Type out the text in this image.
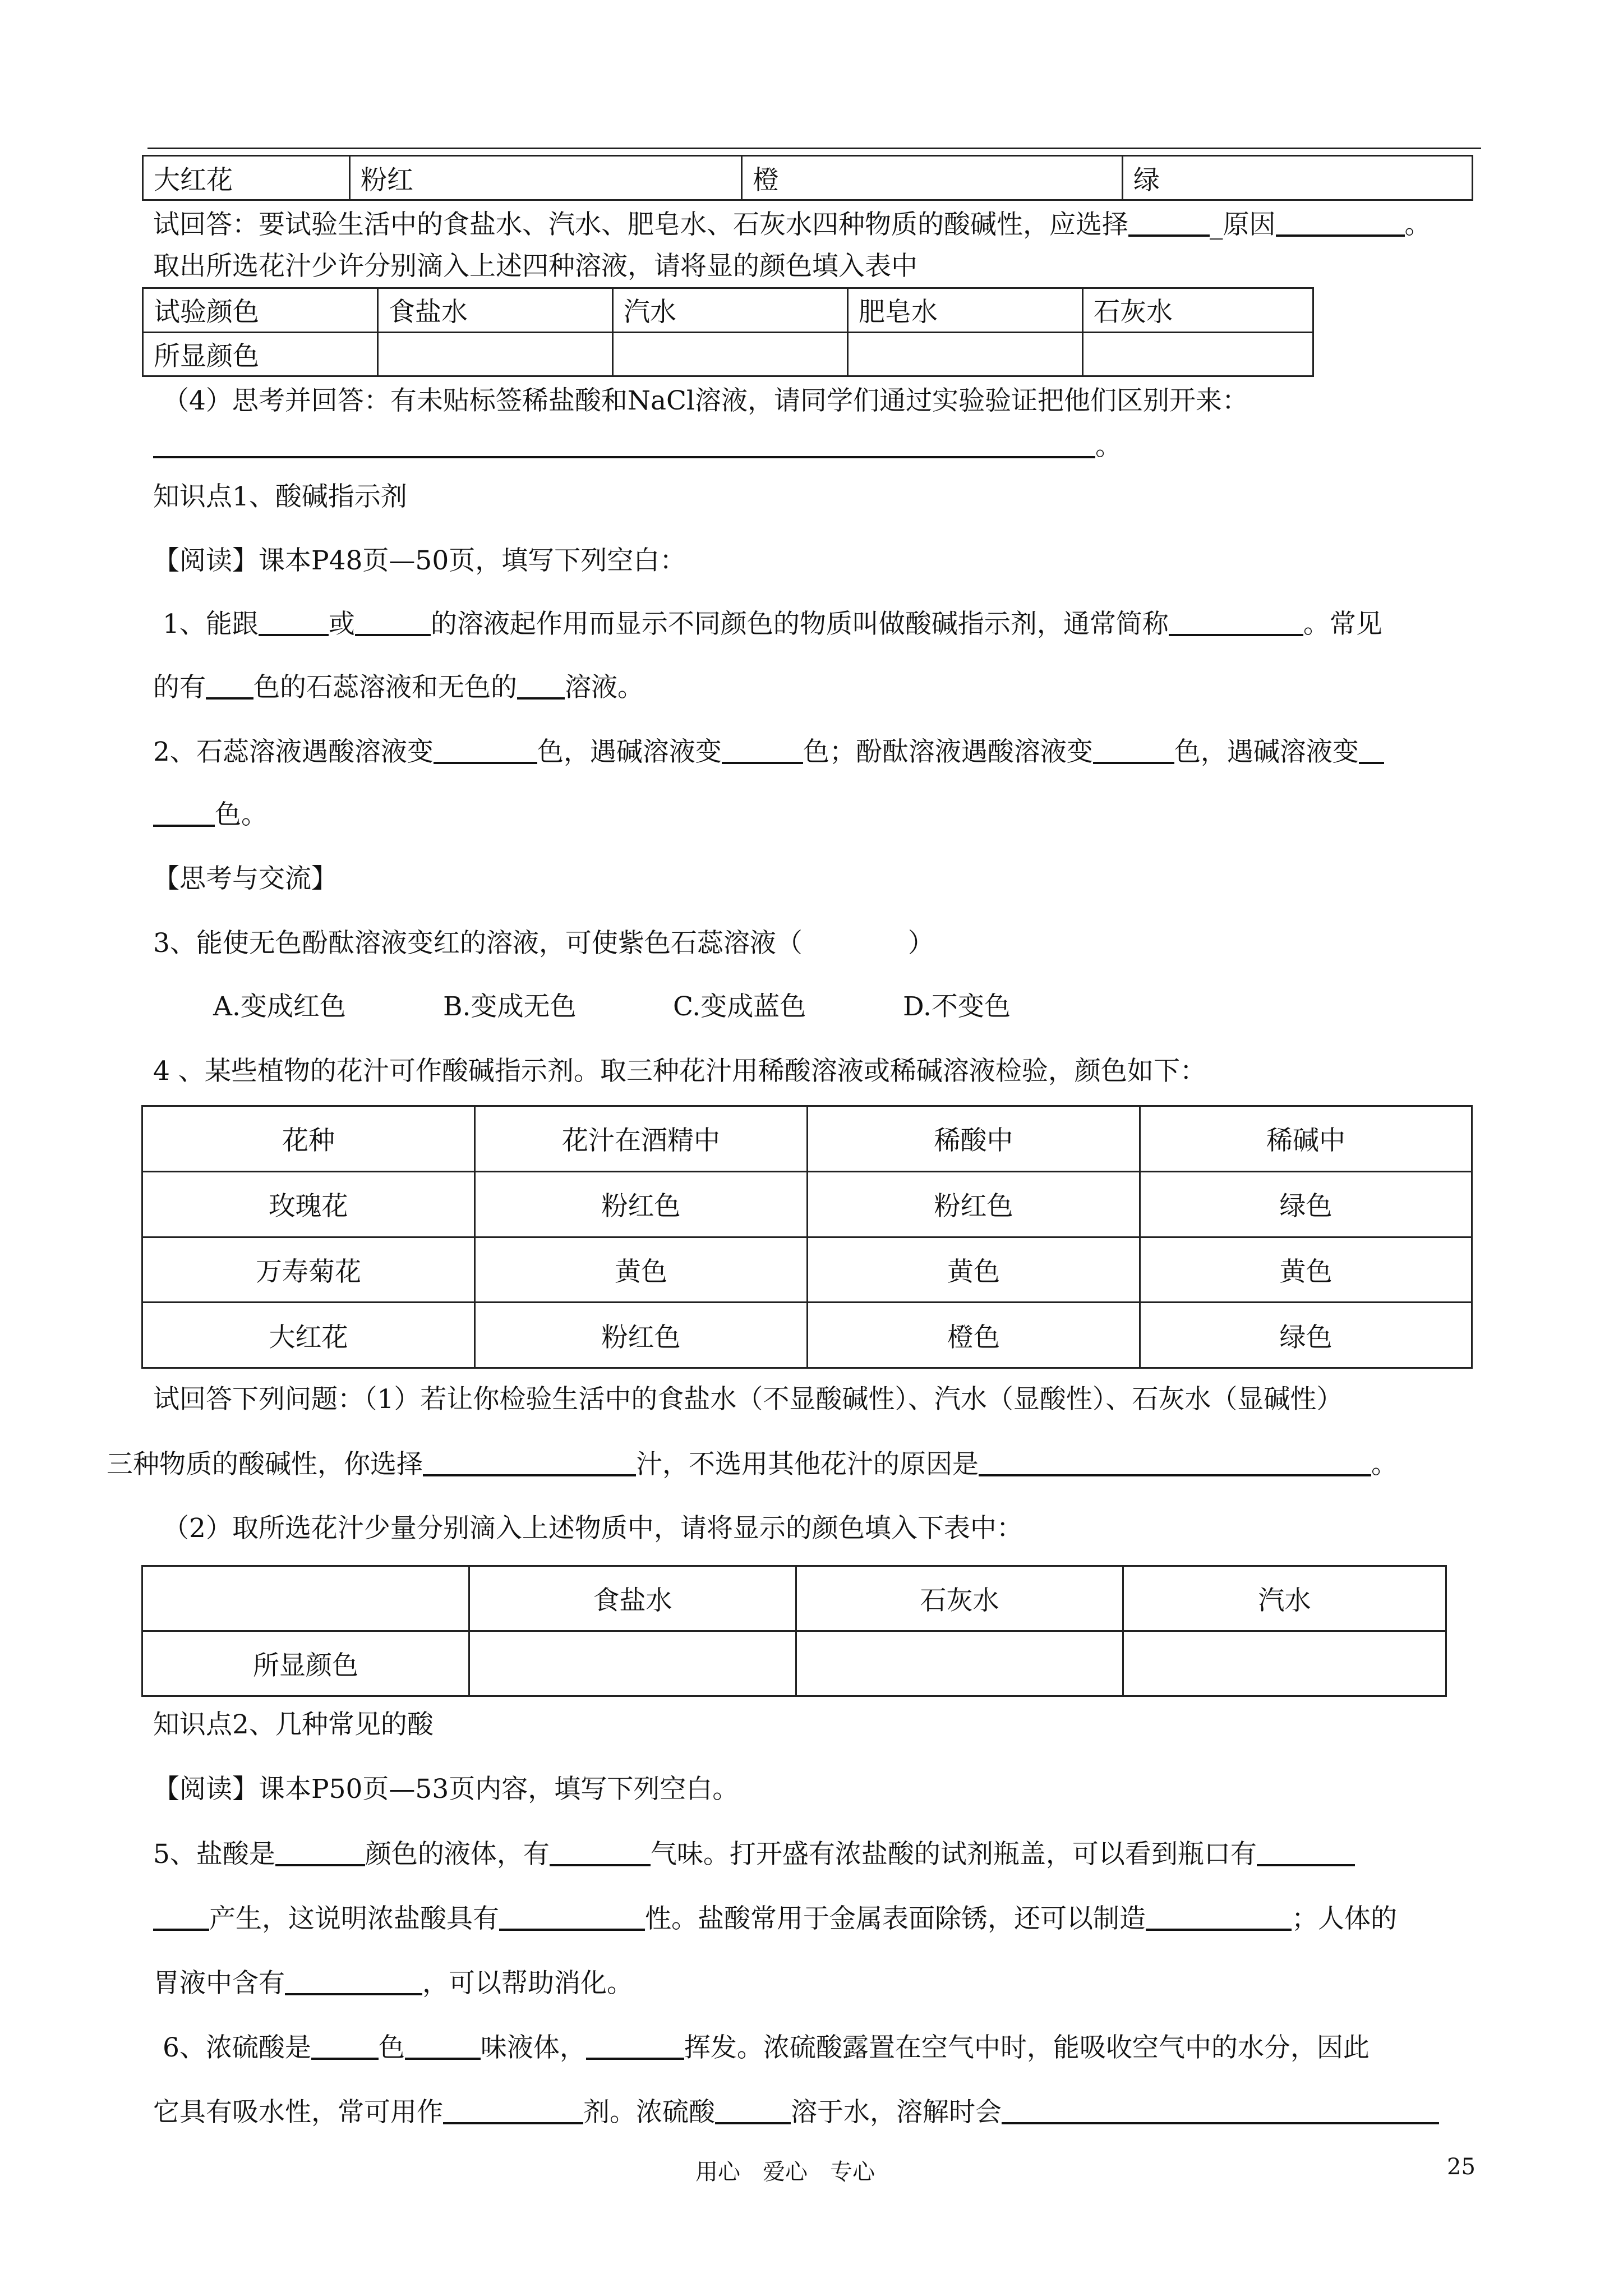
大红花	粉红	橙	绿
试回答：要试验生活中的食盐水、汽水、肥皂水、石灰水四种物质的酸碱性，应选择	_原因	。
取出所选花汁少许分别滴入上述四种溶液，请将显的颜色填入表中
试验颜色	食盐水	汽水	肥皂水	石灰水
所显颜色				
（4）思考并回答：有未贴标签稀盐酸和NaCl溶液，请同学们通过实验验证把他们区别开来：
。
知识点1、酸碱指示剂
【阅读】课本P48页—50页，填写下列空白：
1、能跟	或	的溶液起作用而显示不同颜色的物质叫做酸碱指示剂，通常简称	。常见
的有 色的石蕊溶液和无色的 溶液。
2、石蕊溶液遇酸溶液变	色，遇碱溶液变	色；酚酞溶液遇酸溶液变	色，遇碱溶液变
色。
【思考与交流】
3、能使无色酚酞溶液变红的溶液，可使紫色石蕊溶液（　　　　）
A.变成红色	B.变成无色	C.变成蓝色	D.不变色
4 、某些植物的花汁可作酸碱指示剂。取三种花汁用稀酸溶液或稀碱溶液检验，颜色如下：
花种	花汁在酒精中	稀酸中	稀碱中
玫瑰花	粉红色	粉红色	绿色
万寿菊花	黄色	黄色	黄色
大红花	粉红色	橙色	绿色
试回答下列问题：（1）若让你检验生活中的食盐水（不显酸碱性）、汽水（显酸性）、石灰水（显碱性）
三种物质的酸碱性，你选择	汁，不选用其他花汁的原因是	。
（2）取所选花汁少量分别滴入上述物质中，请将显示的颜色填入下表中：
	食盐水	石灰水	汽水
所显颜色			
知识点2、几种常见的酸
【阅读】课本P50页—53页内容，填写下列空白。
5、盐酸是	颜色的液体，有	气味。打开盛有浓盐酸的试剂瓶盖，可以看到瓶口有
产生，这说明浓盐酸具有	性。盐酸常用于金属表面除锈，还可以制造	；人体的
胃液中含有	，可以帮助消化。
6、浓硫酸是	色	味液体，	挥发。浓硫酸露置在空气中时，能吸收空气中的水分，因此
它具有吸水性，常可用作	剂。浓硫酸	溶于水，溶解时会
用心　爱心　专心	25
